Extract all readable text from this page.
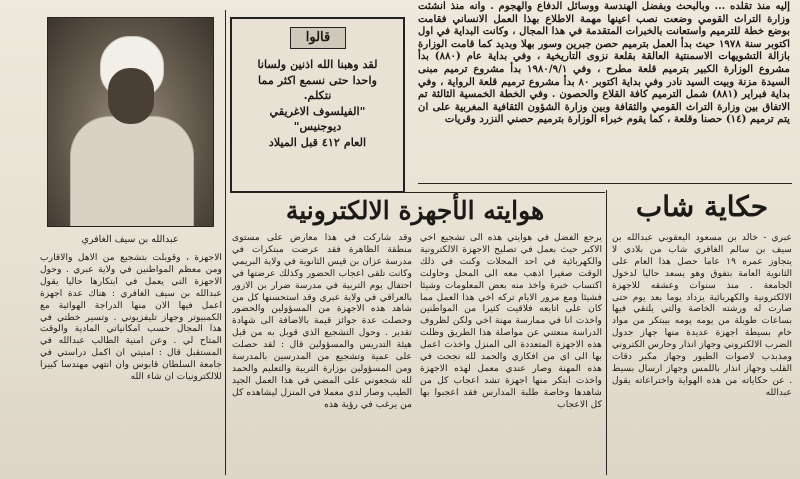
إليه منذ تقلده ... وبالبحث وبفضل الهندسة ووسائل الدفاع والهجوم . وانه منذ انشئت وزارة التراث القومي وضعت نصب اعينها مهمة الاطلاع بهذا العمل الانساني فقامت بوضع خطة للترميم واستعانت بالخبرات المتقدمة في هذا المجال ، وكانت البداية في اول اكتوبر سنة ١٩٧٨ حيث بدأ العمل بترميم حصن جبرين وسور بهلا وبديد كما قامت الوزارة بازالة التشويهات الاسمنتية العالقة بقلعة نزوى التاريخية ، وفي بداية عام (٨٨٠) بدأ مشروع الوزارة الكبير بترميم قلعة مطرح ، وفي ١٩٨٠/٩/١ بدأ مشروع ترميم مبنى السيدة مزنة وبيت السيد نادر وفي بداية اكتوبر ٨٠ بدأ مشروع ترميم قلعة الرواية ، وفي بداية فبراير (٨٨١) شمل الترميم كافة القلاع والحصون . وفي الخطة الخمسية الثالثة تم الاتفاق بين وزارة التراث القومي والثقافة وبين وزارة الشؤون الثقافية المغربية على ان يتم ترميم (١٤) حصنا وقلعة ، كما يقوم خبراء الوزارة بترميم حصني النزرد وقريات

عبدالله بن سيف الغافري
قالوا
لقد وهبنا الله اذنين ولسانا
واحدا حتى نسمع اكثر مما
نتكلم.
"الفيلسوف الاغريقي
ديوجنيس"
العام ٤١٢ قبل الميلاد
حكاية شاب
هوايته الأجهزة الالكترونية

عبري - خالد بن مسعود اليعقوبي عبدالله بن سيف بن سالم الغافري شاب من بلادي لا يتجاوز عمره ١٩ عاما حصل هذا العام على الثانوية العامة بتفوق وهو يسعد حاليا لدخول الجامعة . منذ سنوات وعشقه للاجهزة الالكترونية والكهربائية يزداد يوما بعد يوم حتى صارت له ورشته الخاصة والتي يلتقي فيها بساعات طويلة من يومه يومه بيبتكر من مواد خام بسيطة اجهزة عديدة منها جهاز جدول الضرب الالكتروني وجهاز انذار وحارس الكتروني ومذبذب لاصوات الطيور وجهاز مكبر دقات القلب وجهاز انذار باللمس وجهاز ارسال بسيط . عن حكاياته من هذه الهواية واختراعاته يقول عبدالله

يرجع الفضل في هوايتي هذه الى تشجيع اخي الاكبر حيث بعمل في تصليح الاجهزة الالكترونية والكهربائية في احد المحلات وكنت في ذلك الوقت صغيرا اذهب معه الى المحل وحاولت اكتساب خبرة واخذ منه بعض المعلومات وشيئا فشيئا ومع مرور الايام تركه اخي هذا العمل مما كان على اتابعه فلاقيت كثيرا من المواطنين واخذت انا في ممارسة مهنة اخي ولكن لظروف الدراسة منعتني عن مواصلة هذا الطريق وظلت هذه الاجهزة المتعددة الى المنزل واخذت اعمل بها الى اي من افكاري والحمد لله نجحت في هذه المهنة وصار عندي معمل لهذه الاجهزة واخذت ابتكر منها اجهزة تشد اعجاب كل من شاهدها وخاصة طلبة المدارس فقد اعجبوا بها كل الاعجاب

وقد شاركت في هذا معارض على مستوى منطقة الظاهرة فقد عرضت مبتكرات في مدرسة عزان بن قيس الثانوية في ولاية البريمي وكانت تلقى اعجاب الحضور وكذلك عرضتها في احتفال يوم التربية في مدرسة ضرار بن الازور بالعراقي في ولاية عبري وقد استحسنها كل من شاهد هذه الاجهزة من المسؤولين والحضور وحصلت عدة جوائز قيمة بالاضافة الى شهادة تقدير . وحول التشجيع الذي قوبل به من قبل هيئة التدريس والمسؤولين قال : لقد حصلت على عمية وتشجيع من المدرسين بالمدرسة ومن المسؤولين بوزارة التربية والتعليم والحمد لله شجعوني على المضي في هذا العمل الجيد الطيب وصار لدي معملا في المنزل ليشاهده كل من يرغب في رؤية هذه

الاجهزة ، وقوبلت بتشجيع من الاهل والاقارب ومن معظم المواطنين في ولاية عبري . وحول الاجهزة التي يعمل في ابتكارها حاليا يقول عبدالله بن سيف الغافري : هناك عدة اجهزة اعمل فيها الان منها الدراجة الهوائية مع الكمبيوتر وجهاز تليفزيوني . وتسير خطتي في هذا المجال حسب امكانياتي المادية والوقت المتاح لي . وعن امنية الطالب عبدالله في المستقبل قال : امنيتي ان اكمل دراستي في جامعة السلطان قابوس وان انتهي مهندسا كبيرا للالكترونيات ان شاء الله
